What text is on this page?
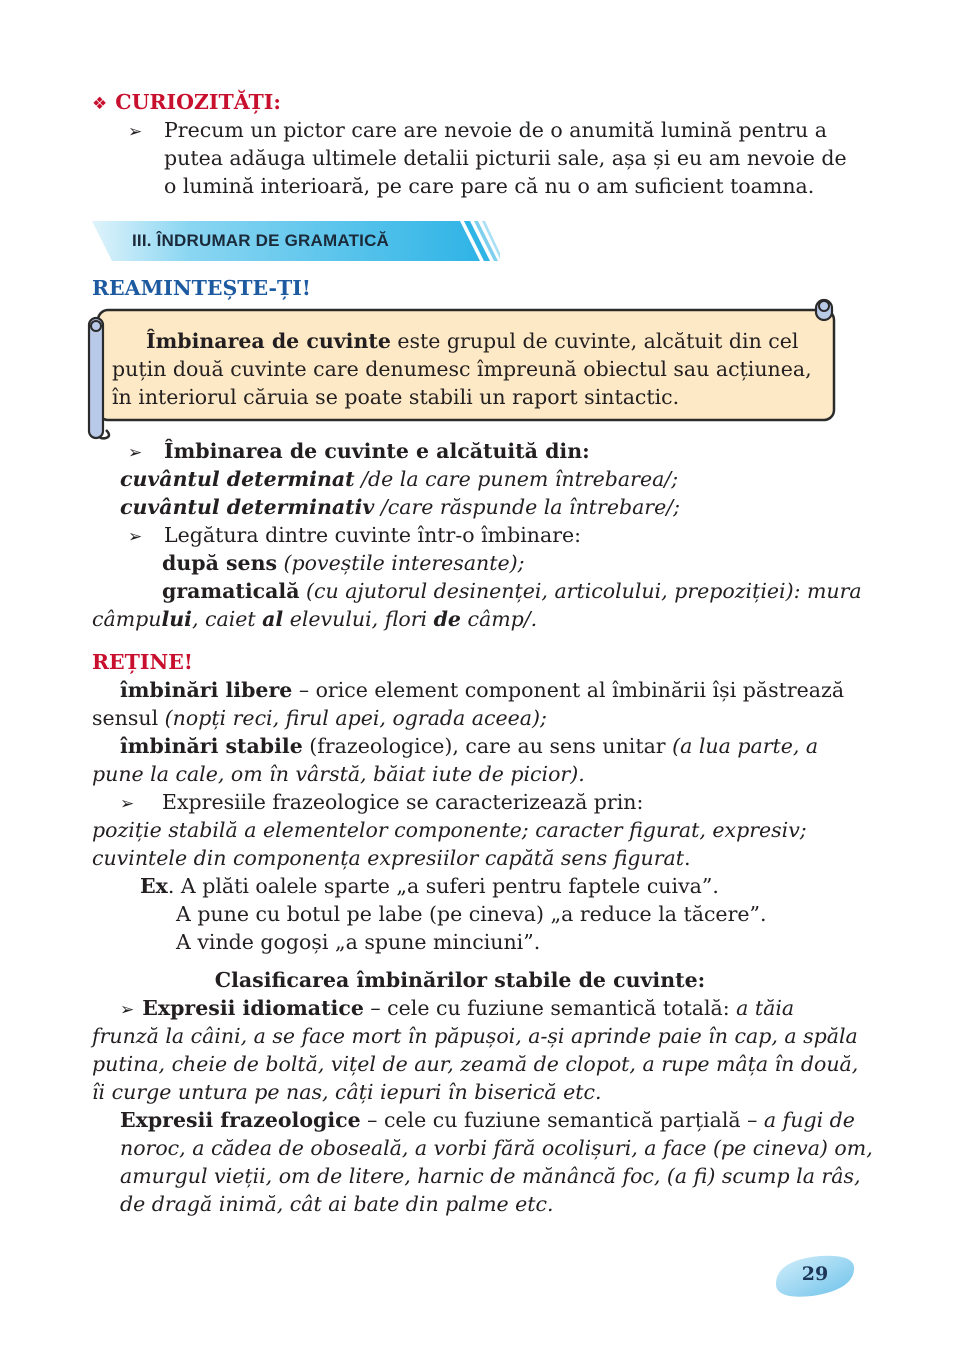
❖ CURIOZITĂȚI:
➢ Precum un pictor care are nevoie de o anumită lumină pentru a
putea adăuga ultimele detalii picturii sale, așa și eu am nevoie de
o lumină interioară, pe care pare că nu o am suficient toamna.
III. ÎNDRUMAR DE GRAMATICĂ
REAMINTEȘTE-ȚI!
Îmbinarea de cuvinte este grupul de cuvinte, alcătuit din cel
puțin două cuvinte care denumesc împreună obiectul sau acțiunea,
în interiorul căruia se poate stabili un raport sintactic.
➢ Îmbinarea de cuvinte e alcătuită din:
cuvântul determinat /de la care punem întrebarea/;
cuvântul determinativ /care răspunde la întrebare/;
➢ Legătura dintre cuvinte într-o îmbinare:
după sens (poveștile interesante);
gramaticală (cu ajutorul desinenței, articolului, prepoziției): mura
câmpului, caiet al elevului, flori de câmp/.
REȚINE!
îmbinări libere – orice element component al îmbinării își păstrează
sensul (nopți reci, firul apei, ograda aceea);
îmbinări stabile (frazeologice), care au sens unitar (a lua parte, a
pune la cale, om în vârstă, băiat iute de picior).
➢ Expresiile frazeologice se caracterizează prin:
poziție stabilă a elementelor componente; caracter figurat, expresiv;
cuvintele din componența expresiilor capătă sens figurat.
Ex. A plăti oalele sparte „a suferi pentru faptele cuiva”.
A pune cu botul pe labe (pe cineva) „a reduce la tăcere”.
A vinde gogoși „a spune minciuni”.
Clasificarea îmbinărilor stabile de cuvinte:
➢ Expresii idiomatice – cele cu fuziune semantică totală: a tăia
frunză la câini, a se face mort în păpușoi, a-și aprinde paie în cap, a spăla
putina, cheie de boltă, vițel de aur, zeamă de clopot, a rupe mâța în două,
îi curge untura pe nas, câți iepuri în biserică etc.
Expresii frazeologice – cele cu fuziune semantică parțială – a fugi de
noroc, a cădea de oboseală, a vorbi fără ocolișuri, a face (pe cineva) om,
amurgul vieții, om de litere, harnic de mănâncă foc, (a fi) scump la râs,
de dragă inimă, cât ai bate din palme etc.
29
